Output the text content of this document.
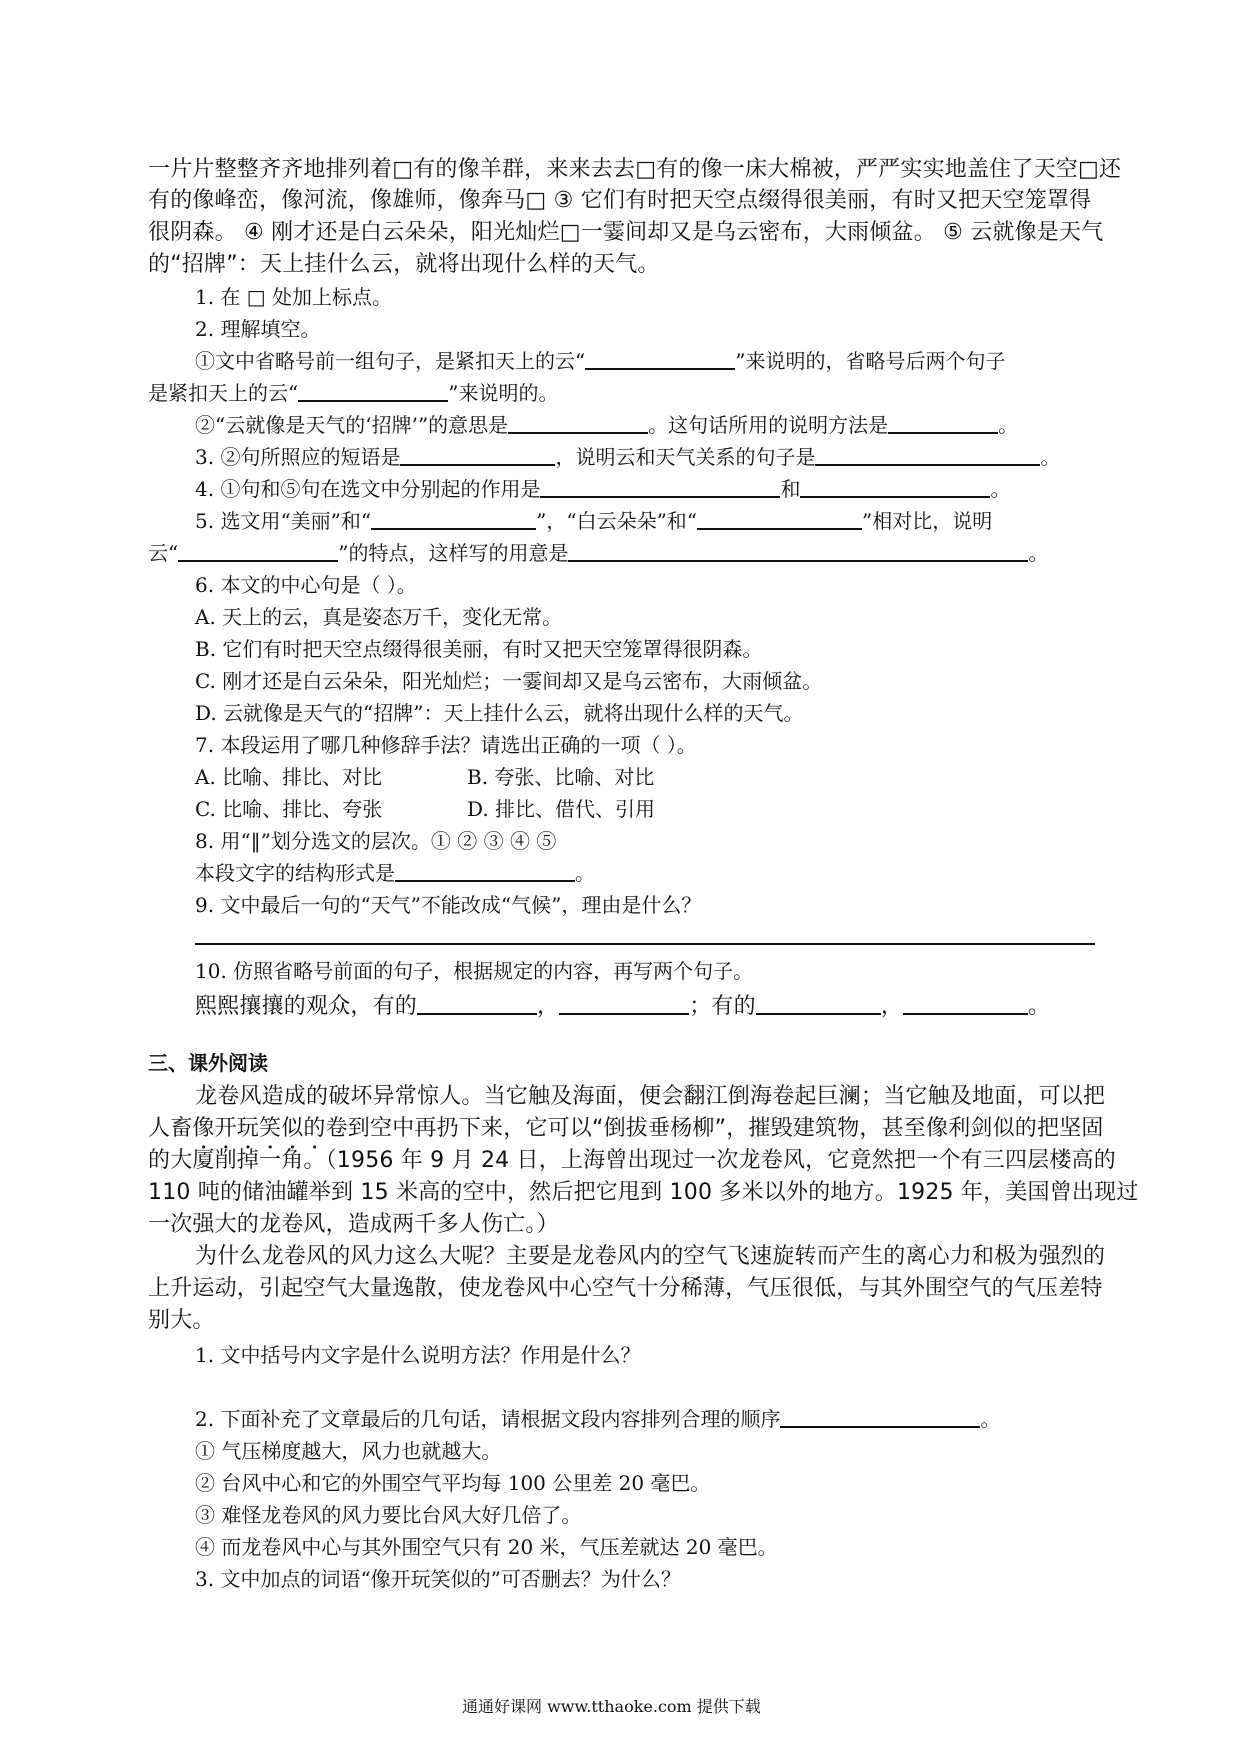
一片片整整齐齐地排列着□有的像羊群，来来去去□有的像一床大棉被，严严实实地盖住了天空□还
有的像峰峦，像河流，像雄师，像奔马□ ③ 它们有时把天空点缀得很美丽，有时又把天空笼罩得
很阴森。 ④ 刚才还是白云朵朵，阳光灿烂□一霎间却又是乌云密布，大雨倾盆。 ⑤ 云就像是天气
的“招牌”：天上挂什么云，就将出现什么样的天气。
1. 在 □ 处加上标点。
2. 理解填空。
①文中省略号前一组句子，是紧扣天上的云“	”来说明的，省略号后两个句子
是紧扣天上的云“	”来说明的。
②“云就像是天气的‘招牌’”的意思是	。这句话所用的说明方法是	。
3. ②句所照应的短语是	，说明云和天气关系的句子是	。
4. ①句和⑤句在选文中分别起的作用是	和	。
5. 选文用“美丽”和“	”，“白云朵朵”和“	”相对比，说明
云“	”的特点，这样写的用意是	。
6. 本文的中心句是（ ）。
A. 天上的云，真是姿态万千，变化无常。
B. 它们有时把天空点缀得很美丽，有时又把天空笼罩得很阴森。
C. 刚才还是白云朵朵，阳光灿烂；一霎间却又是乌云密布，大雨倾盆。
D. 云就像是天气的“招牌”：天上挂什么云，就将出现什么样的天气。
7. 本段运用了哪几种修辞手法？请选出正确的一项（ ）。
A. 比喻、排比、对比	B. 夸张、比喻、对比
C. 比喻、排比、夸张	D. 排比、借代、引用
8. 用“‖”划分选文的层次。① ② ③ ④ ⑤
本段文字的结构形式是	。
9. 文中最后一句的“天气”不能改成“气候”，理由是什么？
10. 仿照省略号前面的句子，根据规定的内容，再写两个句子。
熙熙攘攘的观众，有的	，	；有的	，	。
三、课外阅读
龙卷风造成的破坏异常惊人。当它触及海面，便会翻江倒海卷起巨澜；当它触及地面，可以把
人畜像开玩笑似的卷到空中再扔下来，它可以“倒拔垂杨柳”，摧毁建筑物，甚至像利剑似的把坚固
的大厦削掉一角。（1956 年 9 月 24 日，上海曾出现过一次龙卷风，它竟然把一个有三四层楼高的
110 吨的储油罐举到 15 米高的空中，然后把它甩到 100 多米以外的地方。1925 年，美国曾出现过
一次强大的龙卷风，造成两千多人伤亡。）
为什么龙卷风的风力这么大呢？主要是龙卷风内的空气飞速旋转而产生的离心力和极为强烈的
上升运动，引起空气大量逸散，使龙卷风中心空气十分稀薄，气压很低，与其外围空气的气压差特
别大。
1. 文中括号内文字是什么说明方法？作用是什么？
2. 下面补充了文章最后的几句话，请根据文段内容排列合理的顺序	。
① 气压梯度越大，风力也就越大。
② 台风中心和它的外围空气平均每 100 公里差 20 毫巴。
③ 难怪龙卷风的风力要比台风大好几倍了。
④ 而龙卷风中心与其外围空气只有 20 米，气压差就达 20 毫巴。
3. 文中加点的词语“像开玩笑似的”可否删去？为什么？
通通好课网 www.tthaoke.com 提供下载
